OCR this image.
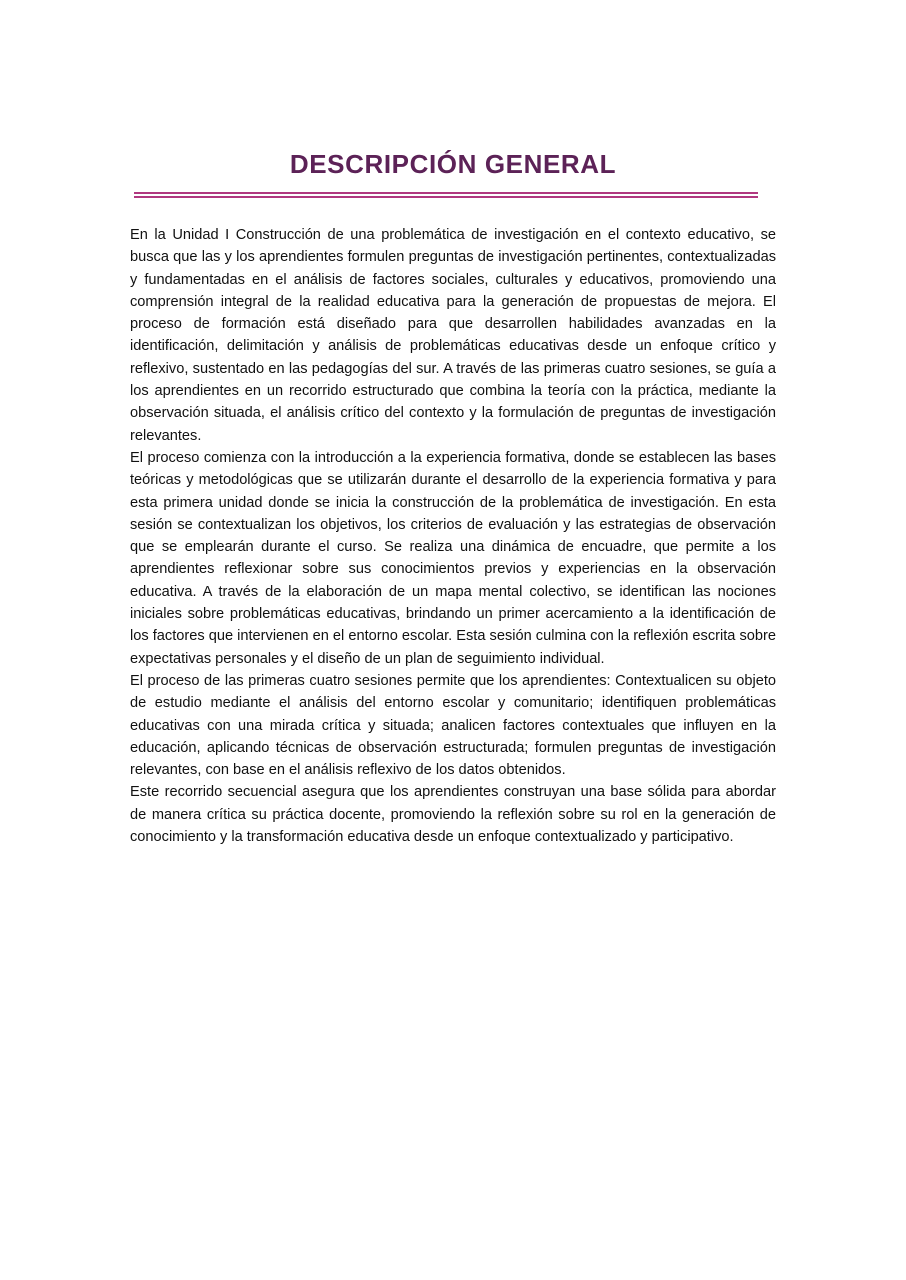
DESCRIPCIÓN GENERAL

En la Unidad I Construcción de una problemática de investigación en el contexto educativo, se busca que las y los aprendientes formulen preguntas de investigación pertinentes, contextualizadas y fundamentadas en el análisis de factores sociales, culturales y educativos, promoviendo una comprensión integral de la realidad educativa para la generación de propuestas de mejora. El proceso de formación está diseñado para que desarrollen habilidades avanzadas en la identificación, delimitación y análisis de problemáticas educativas desde un enfoque crítico y reflexivo, sustentado en las pedagogías del sur. A través de las primeras cuatro sesiones, se guía a los aprendientes en un recorrido estructurado que combina la teoría con la práctica, mediante la observación situada, el análisis crítico del contexto y la formulación de preguntas de investigación relevantes.

El proceso comienza con la introducción a la experiencia formativa, donde se establecen las bases teóricas y metodológicas que se utilizarán durante el desarrollo de la experiencia formativa y para esta primera unidad donde se inicia la construcción de la problemática de investigación. En esta sesión se contextualizan los objetivos, los criterios de evaluación y las estrategias de observación que se emplearán durante el curso. Se realiza una dinámica de encuadre, que permite a los aprendientes reflexionar sobre sus conocimientos previos y experiencias en la observación educativa. A través de la elaboración de un mapa mental colectivo, se identifican las nociones iniciales sobre problemáticas educativas, brindando un primer acercamiento a la identificación de los factores que intervienen en el entorno escolar. Esta sesión culmina con la reflexión escrita sobre expectativas personales y el diseño de un plan de seguimiento individual.

El proceso de las primeras cuatro sesiones permite que los aprendientes: Contextualicen su objeto de estudio mediante el análisis del entorno escolar y comunitario; identifiquen problemáticas educativas con una mirada crítica y situada; analicen factores contextuales que influyen en la educación, aplicando técnicas de observación estructurada; formulen preguntas de investigación relevantes, con base en el análisis reflexivo de los datos obtenidos.

Este recorrido secuencial asegura que los aprendientes construyan una base sólida para abordar de manera crítica su práctica docente, promoviendo la reflexión sobre su rol en la generación de conocimiento y la transformación educativa desde un enfoque contextualizado y participativo.
